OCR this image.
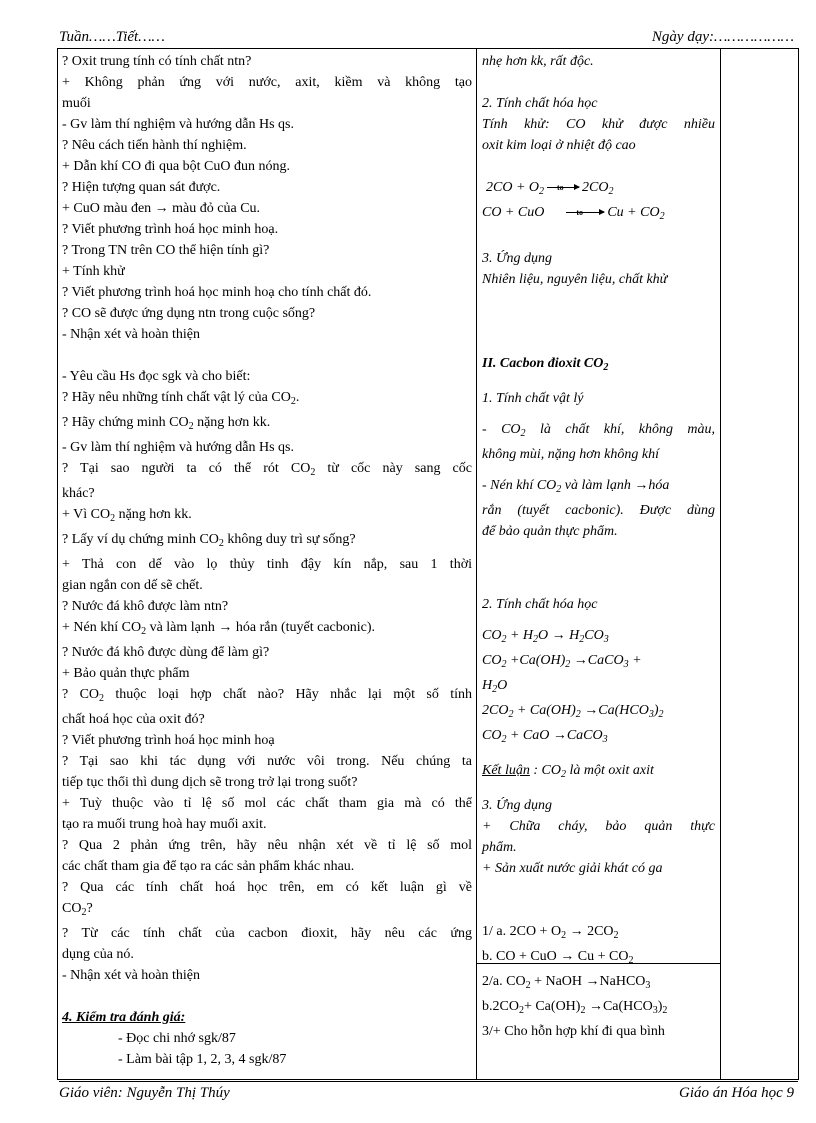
Tuần……Tiết……	Ngày dạy:………………
? Oxit trung tính có tính chất ntn?
+ Không phản ứng với nước, axit, kiềm và không tạo
muối
- Gv làm thí nghiệm và hướng dẫn Hs qs.
? Nêu cách tiến hành thí nghiệm.
+ Dẫn khí CO đi qua bột CuO đun nóng.
? Hiện tượng quan sát được.
+ CuO màu đen → màu đỏ của Cu.
? Viết phương trình hoá học minh hoạ.
? Trong TN trên CO thể hiện tính gì?
+ Tính khử
? Viết phương trình hoá học minh hoạ cho tính chất đó.
? CO sẽ được ứng dụng ntn trong cuộc sống?
- Nhận xét và hoàn thiện
- Yêu cầu Hs đọc sgk và cho biết:
? Hãy nêu những tính chất vật lý của $CO_2$.
? Hãy chứng minh $CO_2$ nặng hơn kk.
- Gv làm thí nghiệm và hướng dẫn Hs qs.
? Tại sao người ta có thể rót $CO_2$ từ cốc này sang cốc
khác?
+ Vì $CO_2$ nặng hơn kk.
? Lấy ví dụ chứng minh $CO_2$ không duy trì sự sống?
+ Thả con dế vào lọ thủy tinh đậy kín nắp, sau 1 thời
gian ngắn con dế sẽ chết.
? Nước đá khô được làm ntn?
+ Nén khí $CO_2$ và làm lạnh → hóa rắn (tuyết cacbonic).
? Nước đá khô được dùng để làm gì?
+ Bảo quản thực phẩm
? $CO_2$ thuộc loại hợp chất nào? Hãy nhắc lại một số tính
chất hoá học của oxit đó?
? Viết phương trình hoá học minh hoạ
? Tại sao khi tác dụng với nước vôi trong. Nếu chúng ta
tiếp tục thổi thì dung dịch sẽ trong trở lại trong suốt?
+ Tuỳ thuộc vào tỉ lệ số mol các chất tham gia mà có thể
tạo ra muối trung hoà hay muối axit.
? Qua 2 phản ứng trên, hãy nêu nhận xét về tỉ lệ số mol
các chất tham gia để tạo ra các sản phẩm khác nhau.
? Qua các tính chất hoá học trên, em có kết luận gì về
$CO_2$?
? Từ các tính chất của cacbon đioxit, hãy nêu các ứng
dụng của nó.
- Nhận xét và hoàn thiện
4. Kiểm tra đánh giá:
- Đọc chi nhớ sgk/87
- Làm bài tập 1, 2, 3, 4 sgk/87
nhẹ hơn kk, rất độc.
2. Tính chất hóa học
Tính khử: CO khử được nhiều
oxit kim loại ở nhiệt độ cao
$2CO + O_2$ to $2CO_2$
CO + CuO	to $Cu + CO_2$
3. Ứng dụng
Nhiên liệu, nguyên liệu, chất khử
II. Cacbon đioxit $CO_2$
1. Tính chất vật lý
- $CO_2$ là chất khí, không màu,
không mùi, nặng hơn không khí
- Nén khí $CO_2$ và làm lạnh →hóa
rắn (tuyết cacbonic). Được dùng
để bảo quản thực phẩm.
2. Tính chất hóa học
$CO_2 + H_2O \to H_2CO_3$
$CO_2 +Ca(OH)_2$ →CaCO$_3$ +
$H_2O$
$2CO_2 + Ca(OH)_2 \to Ca(HCO_3)_2$
$CO_2$ + CaO →CaCO$_3$
Kết luận : $CO_2$ là một oxit axit
3. Ứng dụng
+ Chữa cháy, bảo quản thực
phẩm.
+ Sản xuất nước giải khát có ga
1/ a. $2CO + O_2 \to 2CO_2$
b. CO + CuO → $Cu + CO_2$
2/a. $CO_2$ + NaOH →NaHCO$_3$
$b.2CO_2+ Ca(OH)_2 \to Ca(HCO_3)_2$
3/+ Cho hỗn hợp khí đi qua bình
Giáo viên: Nguyễn Thị Thúy	Giáo án Hóa học 9
